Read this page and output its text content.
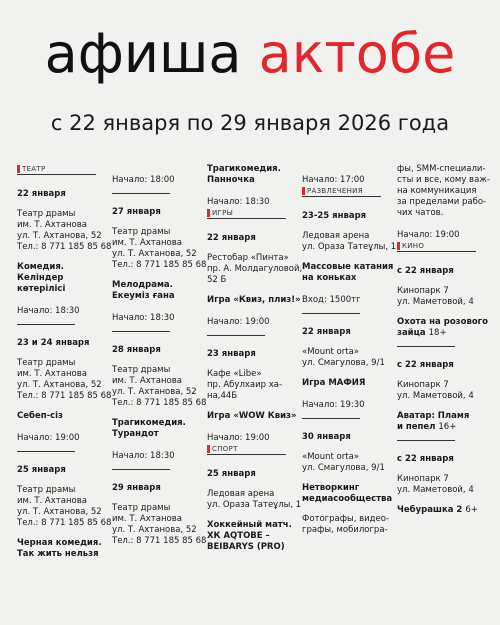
афиша актобе
с 22 января по 29 января 2026 года
ТЕАТР
22 января
Театр драмы
им. Т. Ахтанова
ул. Т. Ахтанова, 52
Тел.: 8 771 185 85 68
Комедия.
Келіндер
көтерілісі
Начало: 18:30
23 и 24 января
Театр драмы
им. Т. Ахтанова
ул. Т. Ахтанова, 52
Тел.: 8 771 185 85 68
Себеп-сіз
Начало: 19:00
25 января
Театр драмы
им. Т. Ахтанова
ул. Т. Ахтанова, 52
Тел.: 8 771 185 85 68
Черная комедия.
Так жить нельзя
Начало: 18:00
27 января
Театр драмы
им. Т. Ахтанова
ул. Т. Ахтанова, 52
Тел.: 8 771 185 85 68
Мелодрама.
Екеуміз ғана
Начало: 18:30
28 января
Театр драмы
им. Т. Ахтанова
ул. Т. Ахтанова, 52
Тел.: 8 771 185 85 68
Трагикомедия.
Турандот
Начало: 18:30
29 января
Театр драмы
им. Т. Ахтанова
ул. Т. Ахтанова, 52
Тел.: 8 771 185 85 68
Трагикомедия.
Панночка
Начало: 18:30
ИГРЫ
22 января
Рестобар «Пинта»
пр. А. Молдагуловой,
52 Б
Игра «Квиз, плиз!»
Начало: 19:00
23 января
Кафе «Libe»
пр. Абулхаир ха-
на,44Б
Игра «WOW Квиз»
Начало: 19:00
СПОРТ
25 января
Ледовая арена
ул. Ораза Татеұлы, 1
Хоккейный матч.
ХК AQTOBE –
BEIBARYS (PRO)
Начало: 17:00
РАЗВЛЕЧЕНИЯ
23-25 января
Ледовая арена
ул. Ораза Татеұлы, 1
Массовые катания
на коньках
Вход: 1500тг
22 января
«Mount orta»
ул. Смагулова, 9/1
Игра МАФИЯ
Начало: 19:30
30 января
«Mount orta»
ул. Смагулова, 9/1
Нетворкинг
медиасообщества
Фотографы, видео-
графы, мобилогра-
фы, SMM-специали-
сты и все, кому важ-
на коммуникация
за пределами рабо-
чих чатов.
Начало: 19:00
КИНО
с 22 января
Кинопарк 7
ул. Маметовой, 4
Охота на розового
зайца 18+
с 22 января
Кинопарк 7
ул. Маметовой, 4
Аватар: Пламя
и пепел 16+
с 22 января
Кинопарк 7
ул. Маметовой, 4
Чебурашка 2 6+
